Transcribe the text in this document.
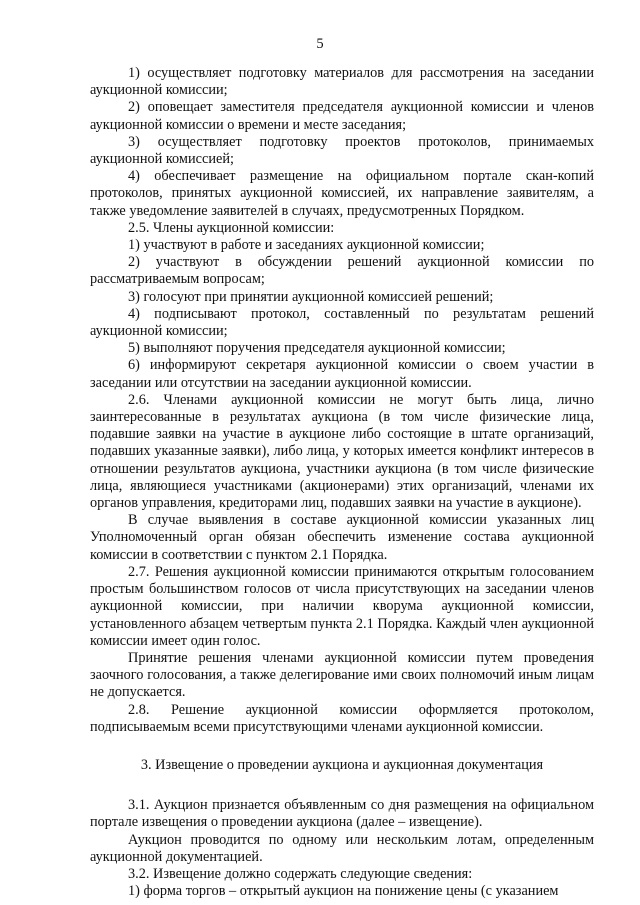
5

1) осуществляет подготовку материалов для рассмотрения на заседании аукционной комиссии;

2) оповещает заместителя председателя аукционной комиссии и членов аукционной комиссии о времени и месте заседания;

3) осуществляет подготовку проектов протоколов, принимаемых аукционной комиссией;

4) обеспечивает размещение на официальном портале скан-копий протоколов, принятых аукционной комиссией, их направление заявителям, а также уведомление заявителей в случаях, предусмотренных Порядком.

2.5. Члены аукционной комиссии:

1) участвуют в работе и заседаниях аукционной комиссии;

2) участвуют в обсуждении решений аукционной комиссии по рассматриваемым вопросам;

3) голосуют при принятии аукционной комиссией решений;

4) подписывают протокол, составленный по результатам решений аукционной комиссии;

5) выполняют поручения председателя аукционной комиссии;

6) информируют секретаря аукционной комиссии о своем участии в заседании или отсутствии на заседании аукционной комиссии.

2.6. Членами аукционной комиссии не могут быть лица, лично заинтересованные в результатах аукциона (в том числе физические лица, подавшие заявки на участие в аукционе либо состоящие в штате организаций, подавших указанные заявки), либо лица, у которых имеется конфликт интересов в отношении результатов аукциона, участники аукциона (в том числе физические лица, являющиеся участниками (акционерами) этих организаций, членами их органов управления, кредиторами лиц, подавших заявки на участие в аукционе).

В случае выявления в составе аукционной комиссии указанных лиц Уполномоченный орган обязан обеспечить изменение состава аукционной комиссии в соответствии с пунктом 2.1 Порядка.

2.7. Решения аукционной комиссии принимаются открытым голосованием простым большинством голосов от числа присутствующих на заседании членов аукционной комиссии, при наличии кворума аукционной комиссии, установленного абзацем четвертым пункта 2.1 Порядка. Каждый член аукционной комиссии имеет один голос.

Принятие решения членами аукционной комиссии путем проведения заочного голосования, а также делегирование ими своих полномочий иным лицам не допускается.

2.8. Решение аукционной комиссии оформляется протоколом, подписываемым всеми присутствующими членами аукционной комиссии.

3. Извещение о проведении аукциона и аукционная документация

3.1. Аукцион признается объявленным со дня размещения на официальном портале извещения о проведении аукциона (далее – извещение).

Аукцион проводится по одному или нескольким лотам, определенным аукционной документацией.

3.2. Извещение должно содержать следующие сведения:

1) форма торгов – открытый аукцион на понижение цены (с указанием
